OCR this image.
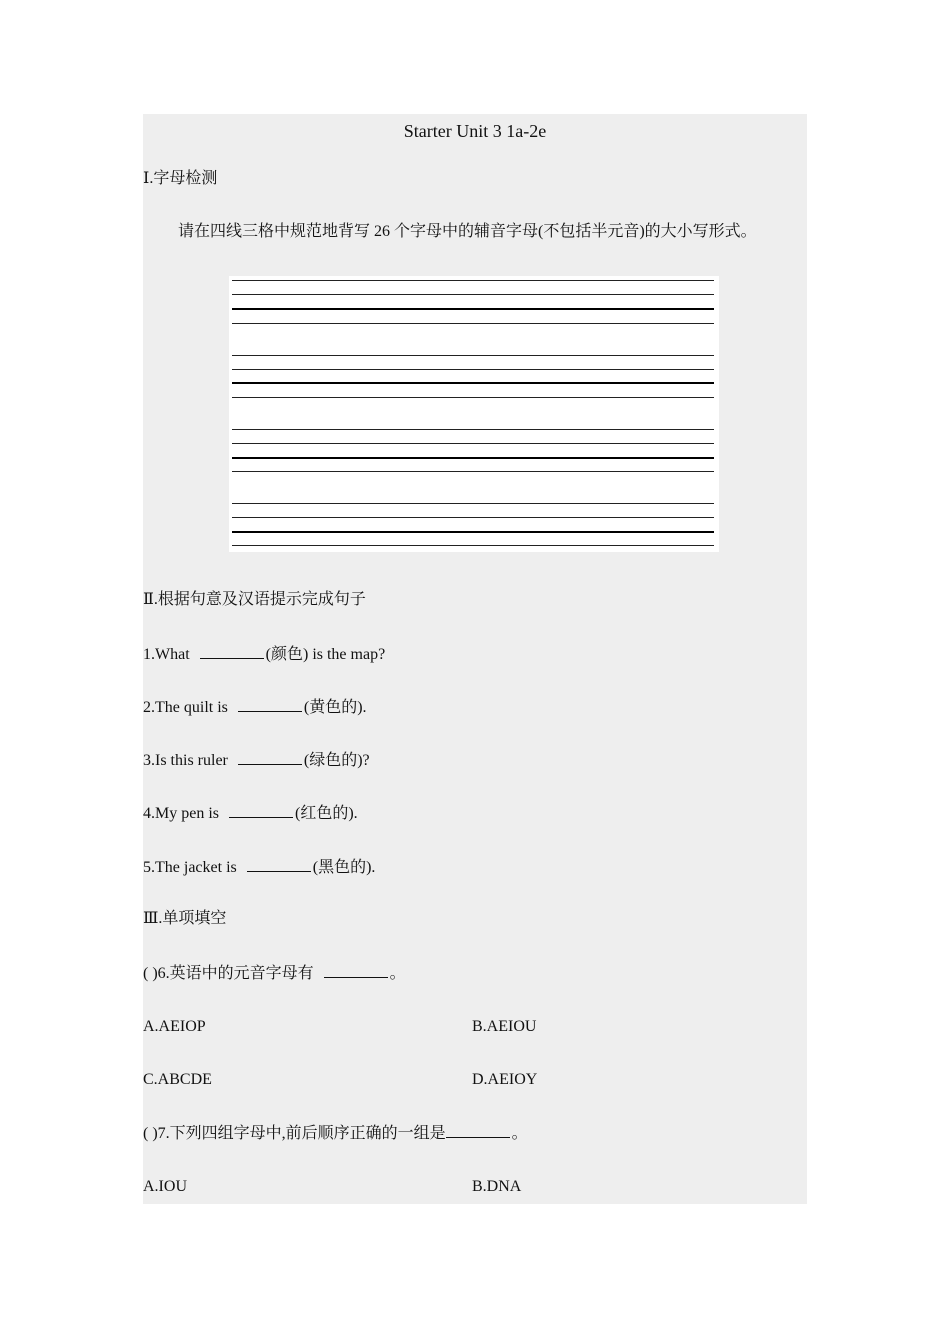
Starter Unit 3 1a-2e
Ⅰ.字母检测
请在四线三格中规范地背写 26 个字母中的辅音字母(不包括半元音)的大小写形式。
Ⅱ.根据句意及汉语提示完成句子
1.What	(颜色) is the map?
2.The quilt is	(黄色的).
3.Is this ruler	(绿色的)?
4.My pen is	(红色的).
5.The jacket is	(黑色的).
Ⅲ.单项填空
( )6.英语中的元音字母有	。
A.AEIOP	B.AEIOU
C.ABCDE	D.AEIOY
( )7.下列四组字母中,前后顺序正确的一组是	。
A.IOU	B.DNA
